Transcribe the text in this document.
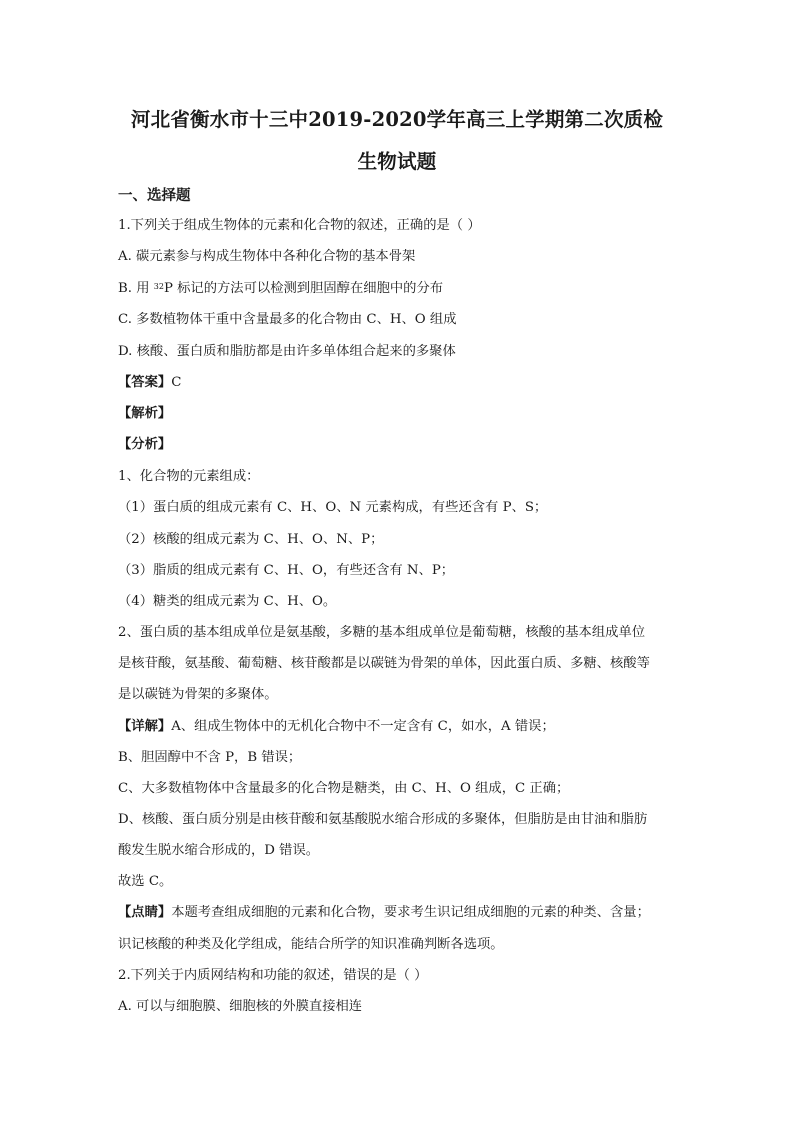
河北省衡水市十三中2019-2020学年高三上学期第二次质检
生物试题
一、选择题
1.下列关于组成生物体的元素和化合物的叙述，正确的是（ ）
A. 碳元素参与构成生物体中各种化合物的基本骨架
B. 用 $^{32}$P 标记的方法可以检测到胆固醇在细胞中的分布
C. 多数植物体干重中含量最多的化合物由 C、H、O 组成
D. 核酸、蛋白质和脂肪都是由许多单体组合起来的多聚体
【答案】C
【解析】
【分析】
1、化合物的元素组成：
（1）蛋白质的组成元素有 C、H、O、N 元素构成，有些还含有 P、S；
（2）核酸的组成元素为 C、H、O、N、P；
（3）脂质的组成元素有 C、H、O，有些还含有 N、P；
（4）糖类的组成元素为 C、H、O。
2、蛋白质的基本组成单位是氨基酸，多糖的基本组成单位是葡萄糖，核酸的基本组成单位
是核苷酸，氨基酸、葡萄糖、核苷酸都是以碳链为骨架的单体，因此蛋白质、多糖、核酸等
是以碳链为骨架的多聚体。
【详解】A、组成生物体中的无机化合物中不一定含有 C，如水，A 错误；
B、胆固醇中不含 P，B 错误；
C、大多数植物体中含量最多的化合物是糖类，由 C、H、O 组成，C 正确；
D、核酸、蛋白质分别是由核苷酸和氨基酸脱水缩合形成的多聚体，但脂肪是由甘油和脂肪
酸发生脱水缩合形成的，D 错误。
故选 C。
【点睛】本题考查组成细胞的元素和化合物，要求考生识记组成细胞的元素的种类、含量；
识记核酸的种类及化学组成，能结合所学的知识准确判断各选项。
2.下列关于内质网结构和功能的叙述，错误的是（ ）
A. 可以与细胞膜、细胞核的外膜直接相连
